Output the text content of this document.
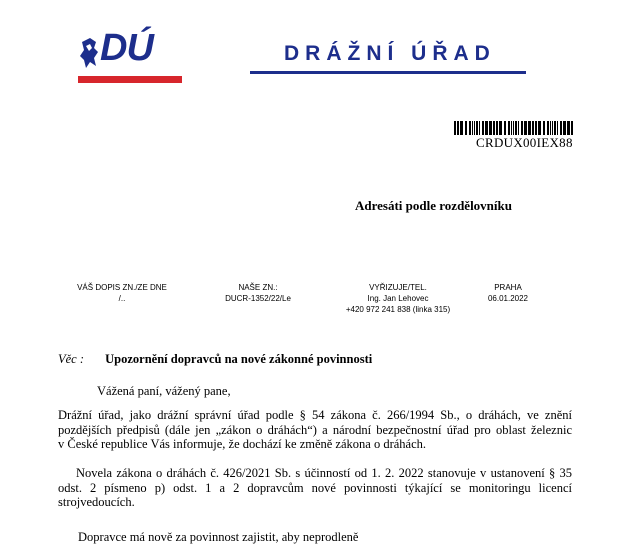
DÚ	DRÁŽNÍ ÚŘAD
CRDUX00IEX88
Adresáti podle rozdělovníku
VÁŠ DOPIS ZN./ZE DNE
/..
NAŠE ZN.:
DUCR-1352/22/Le
VYŘIZUJE/TEL.
Ing. Jan Lehovec
+420 972 241 838 (linka 315)
PRAHA
06.01.2022
Věc : Upozornění dopravců na nové zákonné povinnosti
Vážená paní, vážený pane,
Drážní úřad, jako drážní správní úřad podle § 54 zákona č. 266/1994 Sb., o dráhách, ve znění
pozdějších předpisů (dále jen „zákon o dráhách“) a národní bezpečnostní úřad pro oblast železnic
v České republice Vás informuje, že dochází ke změně zákona o dráhách.
Novela zákona o dráhách č. 426/2021 Sb. s účinností od 1. 2. 2022 stanovuje v ustanovení § 35
odst. 2 písmeno p) odst. 1 a 2 dopravcům nové povinnosti týkající se monitoringu licencí
strojvedoucích.
Dopravce má nově za povinnost zajistit, aby neprodleně
